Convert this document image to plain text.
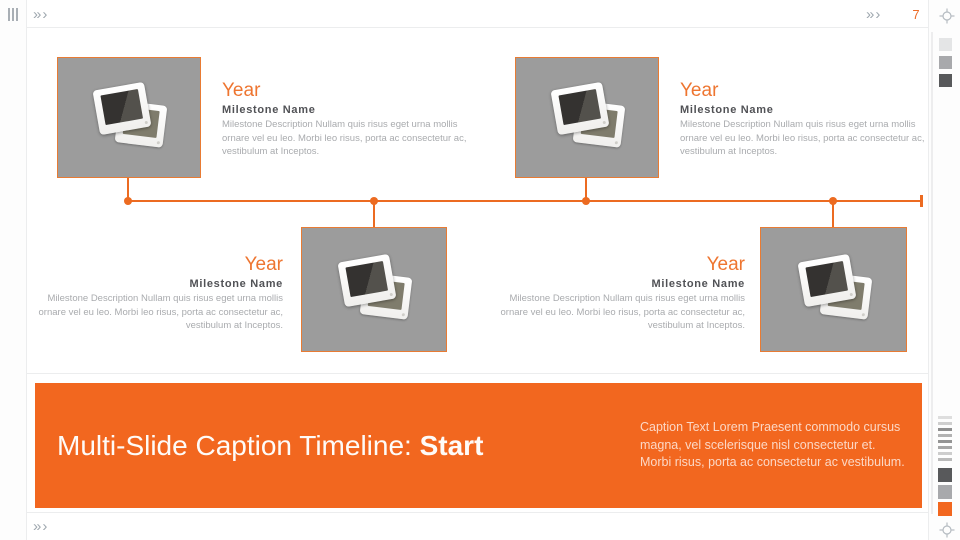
»›	»›	7
»›
Year
Milestone Name
Milestone Description Nullam quis risus eget urna mollis ornare vel eu leo. Morbi leo risus, porta ac consectetur ac, vestibulum at Inceptos.
Year
Milestone Name
Milestone Description Nullam quis risus eget urna mollis ornare vel eu leo. Morbi leo risus, porta ac consectetur ac, vestibulum at Inceptos.
Year
Milestone Name
Milestone Description Nullam quis risus eget urna mollis ornare vel eu leo. Morbi leo risus, porta ac consectetur ac, vestibulum at Inceptos.
Year
Milestone Name
Milestone Description Nullam quis risus eget urna mollis ornare vel eu leo. Morbi leo risus, porta ac consectetur ac, vestibulum at Inceptos.
Multi-Slide Caption Timeline: Start
Caption Text Lorem Praesent commodo cursus magna, vel scelerisque nisl consectetur et. Morbi risus, porta ac consectetur ac vestibulum.
